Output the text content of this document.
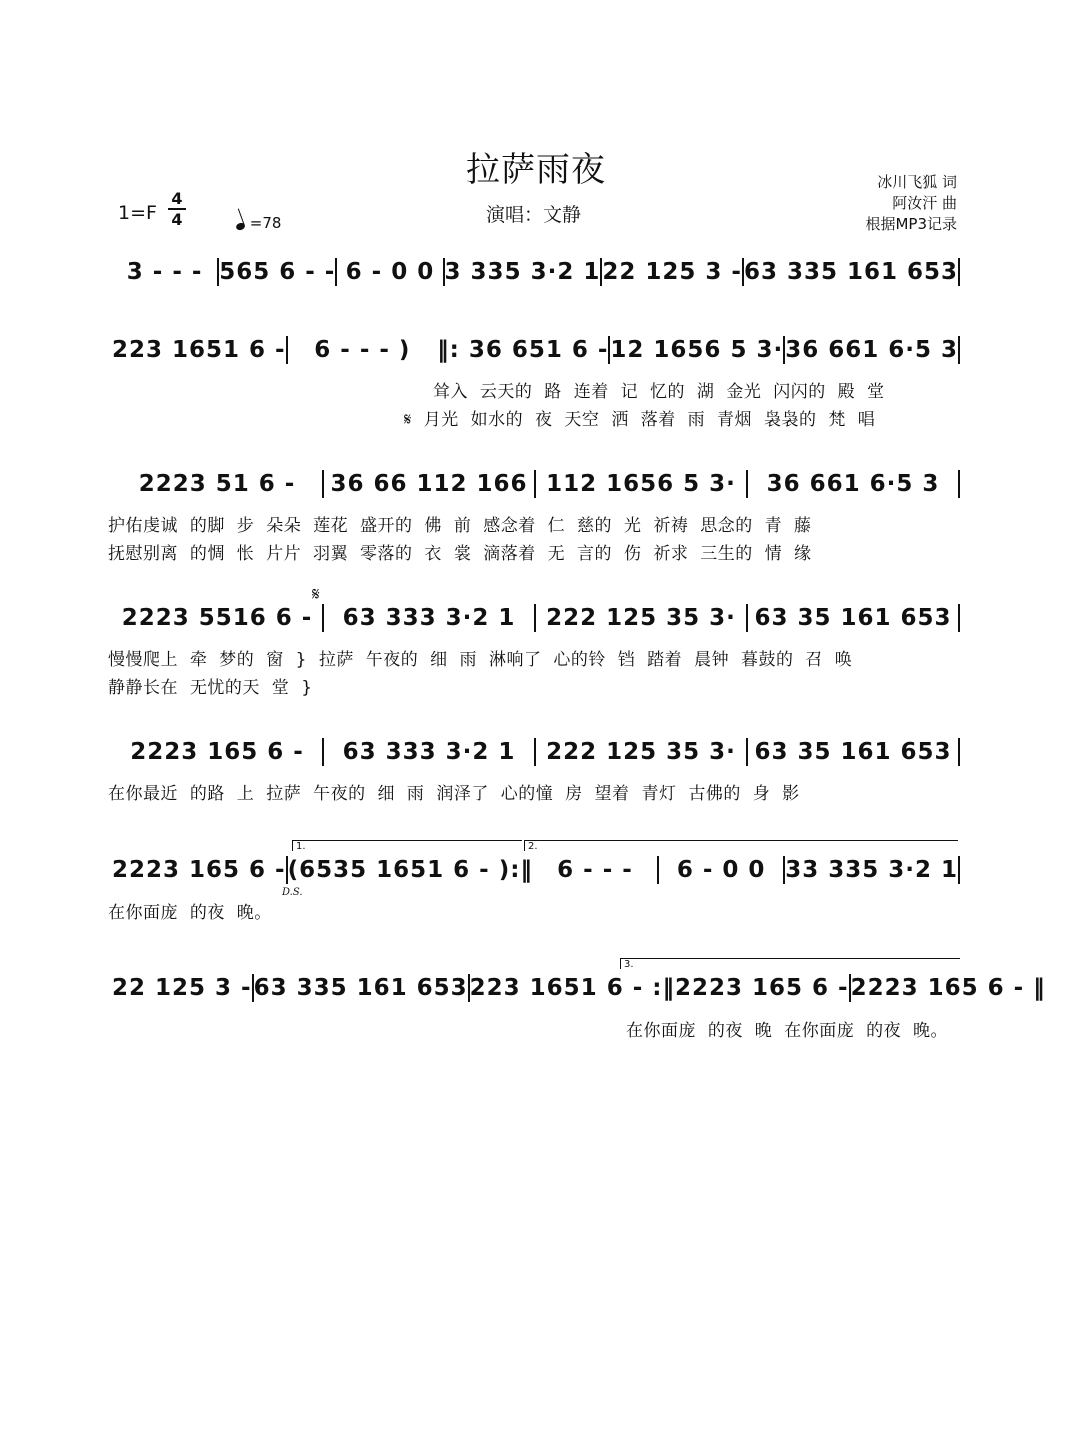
拉萨雨夜
演唱：文静
冰川飞狐 词
阿汝汗 曲
根据MP3记录
1=F
4
4	=78
3 - - - 565 6 - - 6 - 0 0 3 335 3·2 1 22 125 3 - 63 335 161 653
223 1651 6 -	6 - - - )	‖: 36 651 6 - 12 1656 5 3· 36 661 6·5 3
耸入 云天的 路 连着 记 忆的 湖 金光 闪闪的 殿 堂
𝄋 月光 如水的 夜 天空 洒 落着 雨 青烟 袅袅的 梵 唱
2223 51 6 -	36 66 112 166 112 1656 5 3·	36 661 6·5 3
护佑虔诚 的脚 步 朵朵 莲花 盛开的 佛 前 感念着 仁 慈的 光 祈祷 思念的 青 藤
抚慰别离 的惆 怅 片片 羽翼 零落的 衣 裳 滴落着 无 言的 伤 祈求 三生的 情 缘
𝄋
2223 5516 6 -	63 333 3·2 1	222 125 35 3· 63 35 161 653
慢慢爬上 牵 梦的 窗 } 拉萨 午夜的 细 雨 淋响了 心的铃 铛 踏着 晨钟 暮鼓的 召 唤
静静长在 无忧的天 堂 }
2223 165 6 -	63 333 3·2 1	222 125 35 3· 63 35 161 653
在你最近 的路 上 拉萨 午夜的 细 雨 润泽了 心的憧 房 望着 青灯 古佛的 身 影
1.	2.
2223 165 6 - (6535 1651 6 - ):‖	6 - - -	6 - 0 0 33 335 3·2 1
D.S.
在你面庞 的夜 晚。
3.
22 125 3 - 63 335 161 653 223 1651 6 - :‖ 2223 165 6 - 2223 165 6 - ‖
在你面庞 的夜 晚 在你面庞 的夜 晚。
